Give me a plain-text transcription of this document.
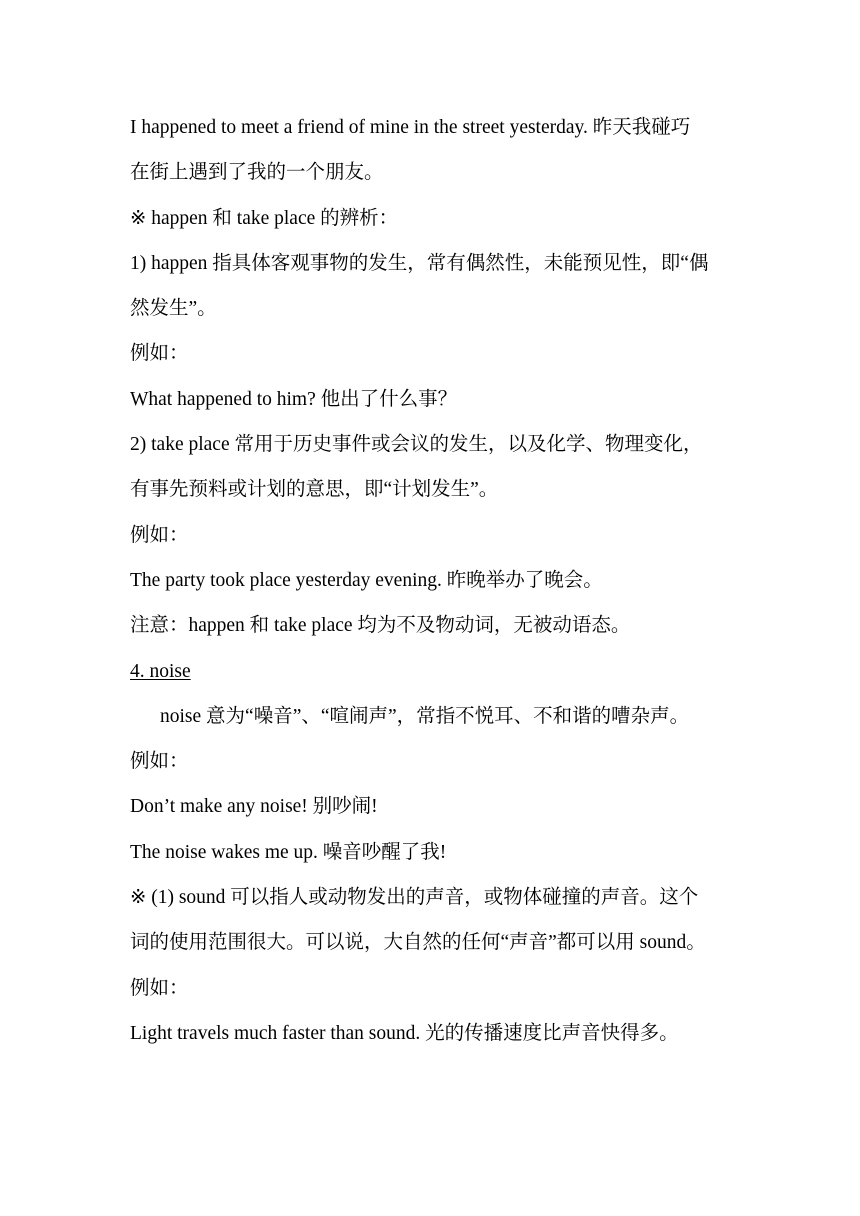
I happened to meet a friend of mine in the street yesterday. 昨天我碰巧
在街上遇到了我的一个朋友。
※ happen 和 take place 的辨析：
1) happen 指具体客观事物的发生，常有偶然性，未能预见性，即“偶
然发生”。
例如：
What happened to him? 他出了什么事？
2) take place 常用于历史事件或会议的发生，以及化学、物理变化，
有事先预料或计划的意思，即“计划发生”。
例如：
The party took place yesterday evening. 昨晚举办了晚会。
注意：happen 和 take place 均为不及物动词，无被动语态。
4. noise
noise 意为“噪音”、“喧闹声”，常指不悦耳、不和谐的嘈杂声。
例如：
Don’t make any noise! 别吵闹!
The noise wakes me up. 噪音吵醒了我!
※ (1) sound 可以指人或动物发出的声音，或物体碰撞的声音。这个
词的使用范围很大。可以说，大自然的任何“声音”都可以用 sound。
例如：
Light travels much faster than sound. 光的传播速度比声音快得多。
